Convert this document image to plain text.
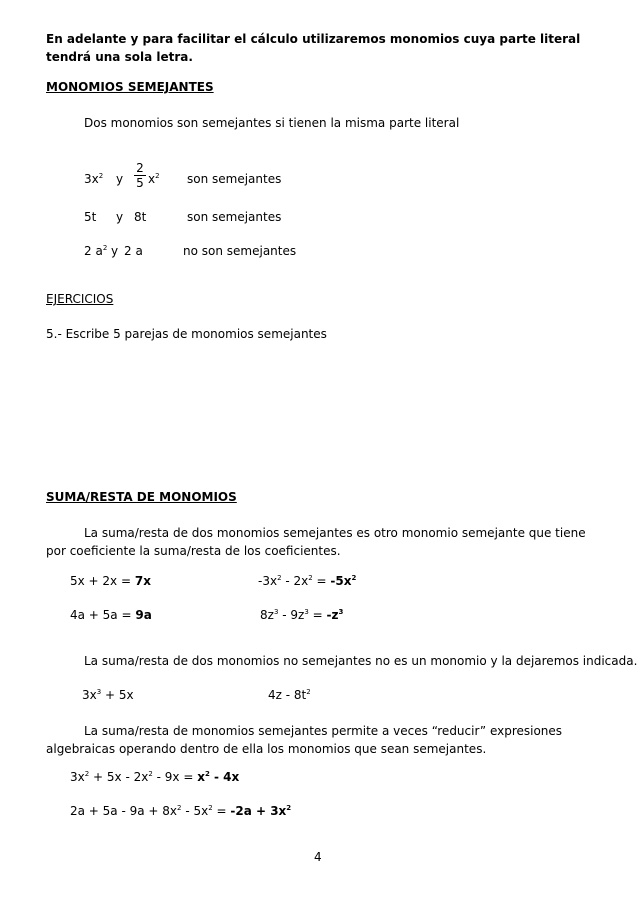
En adelante y para facilitar el cálculo utilizaremos monomios cuya parte literal tendrá una sola letra.
MONOMIOS SEMEJANTES
Dos monomios son semejantes si tienen la misma parte literal
$3x^2$ y $\frac{2}{5} x^2$ son semejantes
5t y 8t	son semejantes
2 $a^2$ y 2 a	no son semejantes
EJERCICIOS
5.- Escribe 5 parejas de monomios semejantes
SUMA/RESTA DE MONOMIOS
La suma/resta de dos monomios semejantes es otro monomio semejante que tiene por coeficiente la suma/resta de los coeficientes.
5x + 2x = 7x	$-3x^2 - 2x^2 = -5x^2$
4a + 5a = 9a	$8z^3 - 9z^3 = -z^3$
La suma/resta de dos monomios no semejantes no es un monomio y la dejaremos indicada.
$3x^3 + 5x$	$4z - 8t^2$
La suma/resta de monomios semejantes permite a veces “reducir” expresiones algebraicas operando dentro de ella los monomios que sean semejantes.
$3x^2 + 5x - 2x^2 - 9x = x^2 - 4x$
$2a + 5a - 9a + 8x^2 - 5x^2 = -2a + 3x^2$
4
